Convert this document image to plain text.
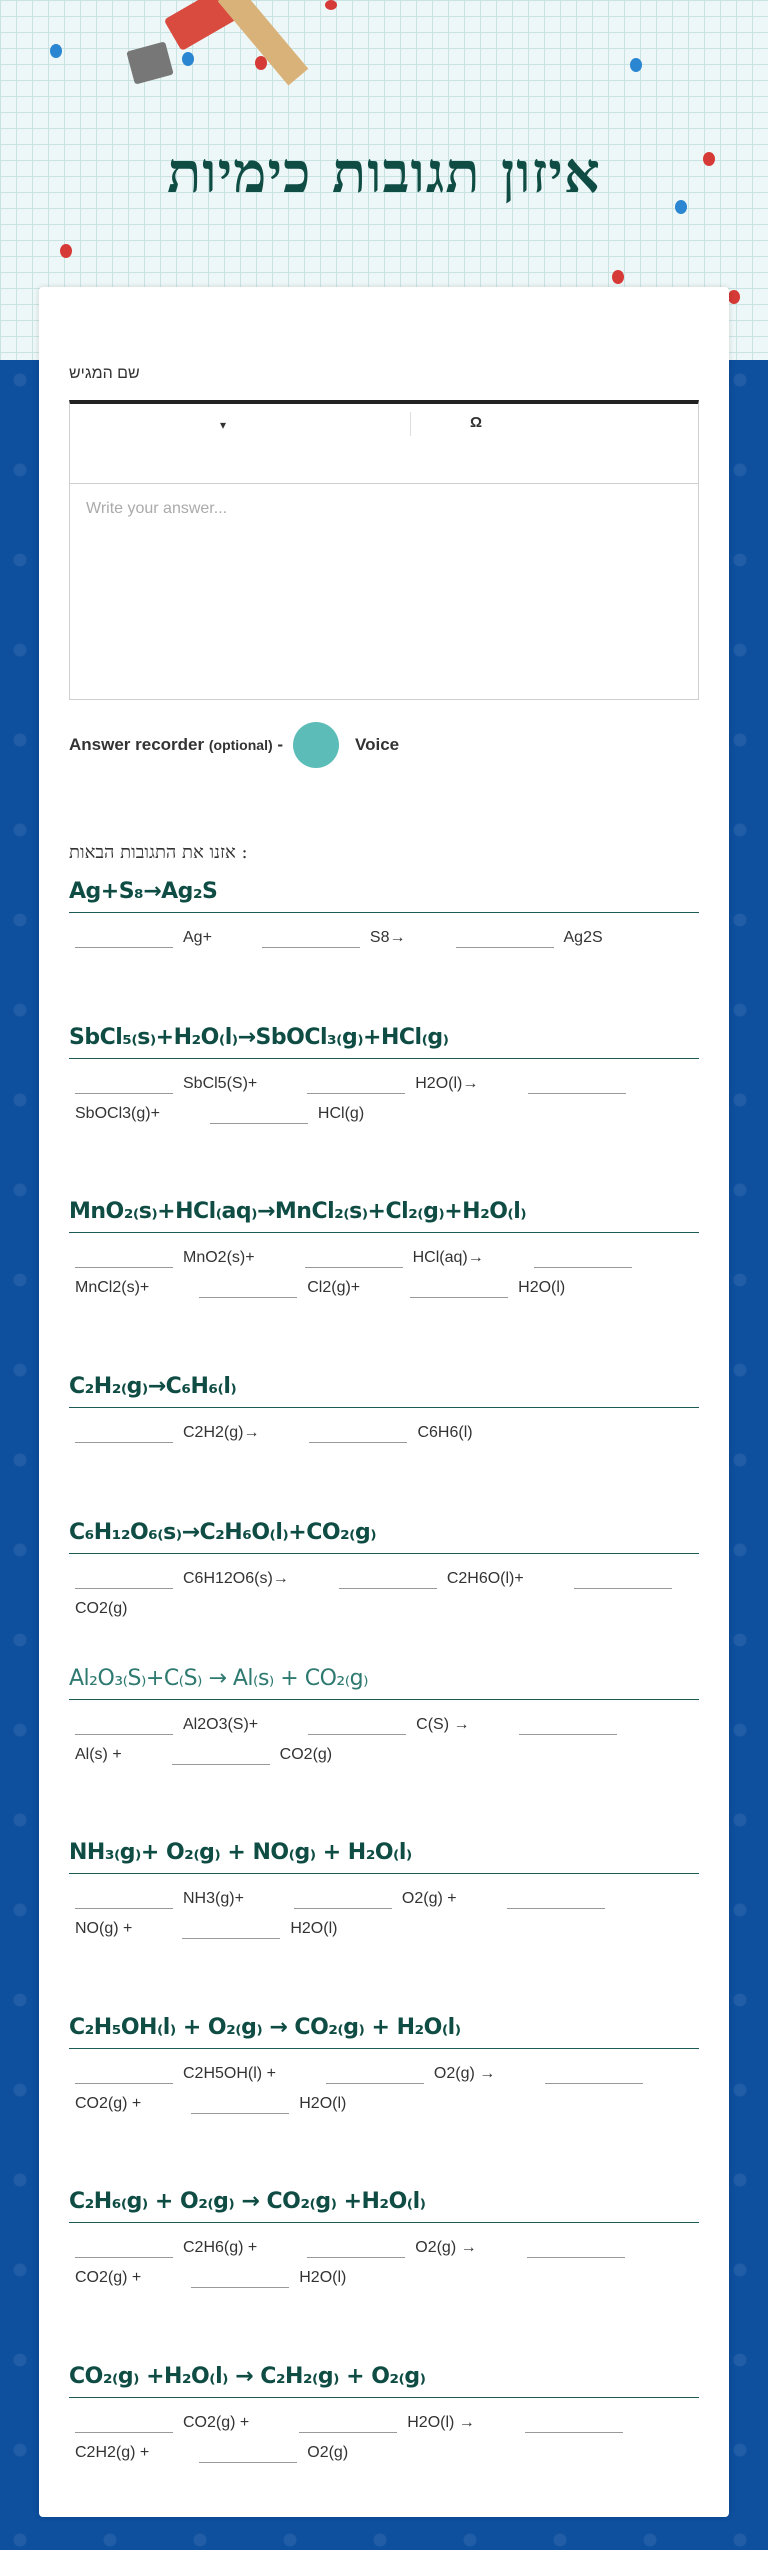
איזון תגובות כימיות
שם המגיש
▾	Ω
Write your answer...
Answer recorder
(optional)
-	Voice
אזנו את התגובות הבאות :
Ag+S₈→Ag₂S
Ag+	S8→	Ag2S
SbCl₅₍s₎+H₂O₍l₎→SbOCl₃₍g₎+HCl₍g₎
SbCl5(S)+	H2O(l)→SbOCl3(g)+	HCl(g)
MnO₂₍s₎+HCl₍aq₎→MnCl₂₍s₎+Cl₂₍g₎+H₂O₍l₎
MnO2(s)+	HCl(aq)→MnCl2(s)+	Cl2(g)+	H2O(l)
C₂H₂₍g₎→C₆H₆₍l₎
C2H2(g)→	C6H6(l)
C₆H₁₂O₆₍s₎→C₂H₆O₍l₎+CO₂₍g₎
C6H12O6(s)→	C2H6O(l)+CO2(g)
Al₂O₃₍S₎+C₍S₎ → Al₍s₎ + CO₂₍g₎
Al2O3(S)+	C(S) →Al(s) +	CO2(g)
NH₃₍g₎+ O₂₍g₎ + NO₍g₎ + H₂O₍l₎
NH3(g)+	O2(g) +NO(g) +	H2O(l)
C₂H₅OH₍l₎ + O₂₍g₎ → CO₂₍g₎ + H₂O₍l₎
C2H5OH(l) +	O2(g) →CO2(g) +	H2O(l)
C₂H₆₍g₎ + O₂₍g₎ → CO₂₍g₎ +H₂O₍l₎
C2H6(g) +	O2(g) →CO2(g) +	H2O(l)
CO₂₍g₎ +H₂O₍l₎ → C₂H₂₍g₎ + O₂₍g₎
CO2(g) +	H2O(l) →C2H2(g) +	O2(g)
